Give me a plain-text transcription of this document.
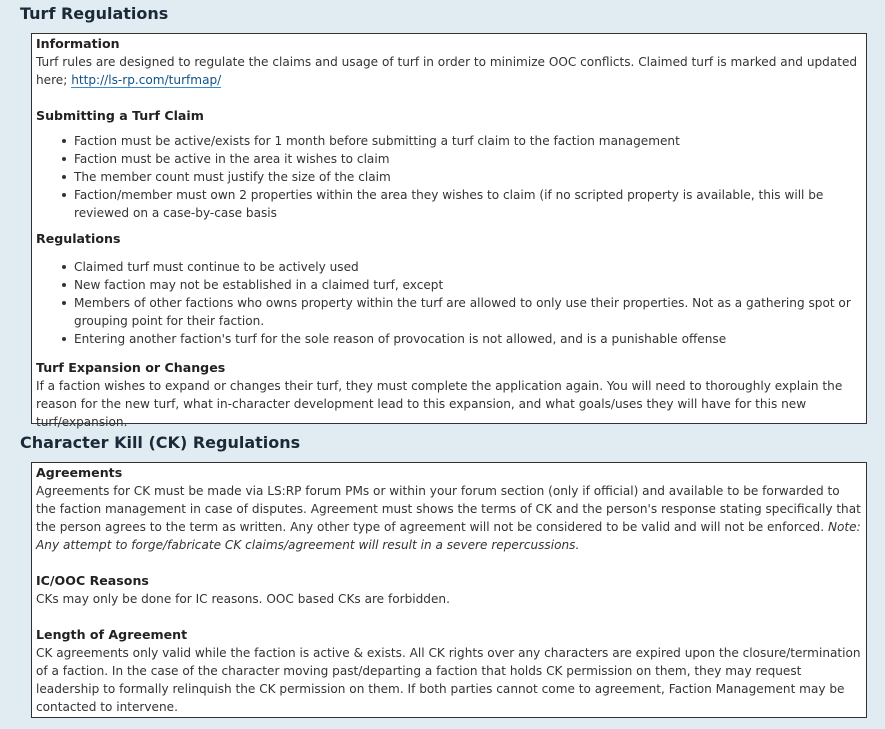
Turf Regulations
Information

Turf rules are designed to regulate the claims and usage of turf in order to minimize OOC conflicts. Claimed turf is marked and updated here; http://ls-rp.com/turfmap/

Submitting a Turf Claim
Faction must be active/exists for 1 month before submitting a turf claim to the faction management
Faction must be active in the area it wishes to claim
The member count must justify the size of the claim
Faction/member must own 2 properties within the area they wishes to claim (if no scripted property is available, this will be reviewed on a case-by-case basis
Regulations
Claimed turf must continue to be actively used
New faction may not be established in a claimed turf, except
Members of other factions who owns property within the turf are allowed to only use their properties. Not as a gathering spot or grouping point for their faction.
Entering another faction's turf for the sole reason of provocation is not allowed, and is a punishable offense
Turf Expansion or Changes

If a faction wishes to expand or changes their turf, they must complete the application again. You will need to thoroughly explain the reason for the new turf, what in-character development lead to this expansion, and what goals/uses they will have for this new turf/expansion.

Character Kill (CK) Regulations
Agreements

Agreements for CK must be made via LS:RP forum PMs or within your forum section (only if official) and available to be forwarded to the faction management in case of disputes. Agreement must shows the terms of CK and the person's response stating specifically that the person agrees to the term as written. Any other type of agreement will not be considered to be valid and will not be enforced. Note: Any attempt to forge/fabricate CK claims/agreement will result in a severe repercussions.

IC/OOC Reasons

CKs may only be done for IC reasons. OOC based CKs are forbidden.

Length of Agreement

CK agreements only valid while the faction is active & exists. All CK rights over any characters are expired upon the closure/termination of a faction. In the case of the character moving past/departing a faction that holds CK permission on them, they may request leadership to formally relinquish the CK permission on them. If both parties cannot come to agreement, Faction Management may be contacted to intervene.
